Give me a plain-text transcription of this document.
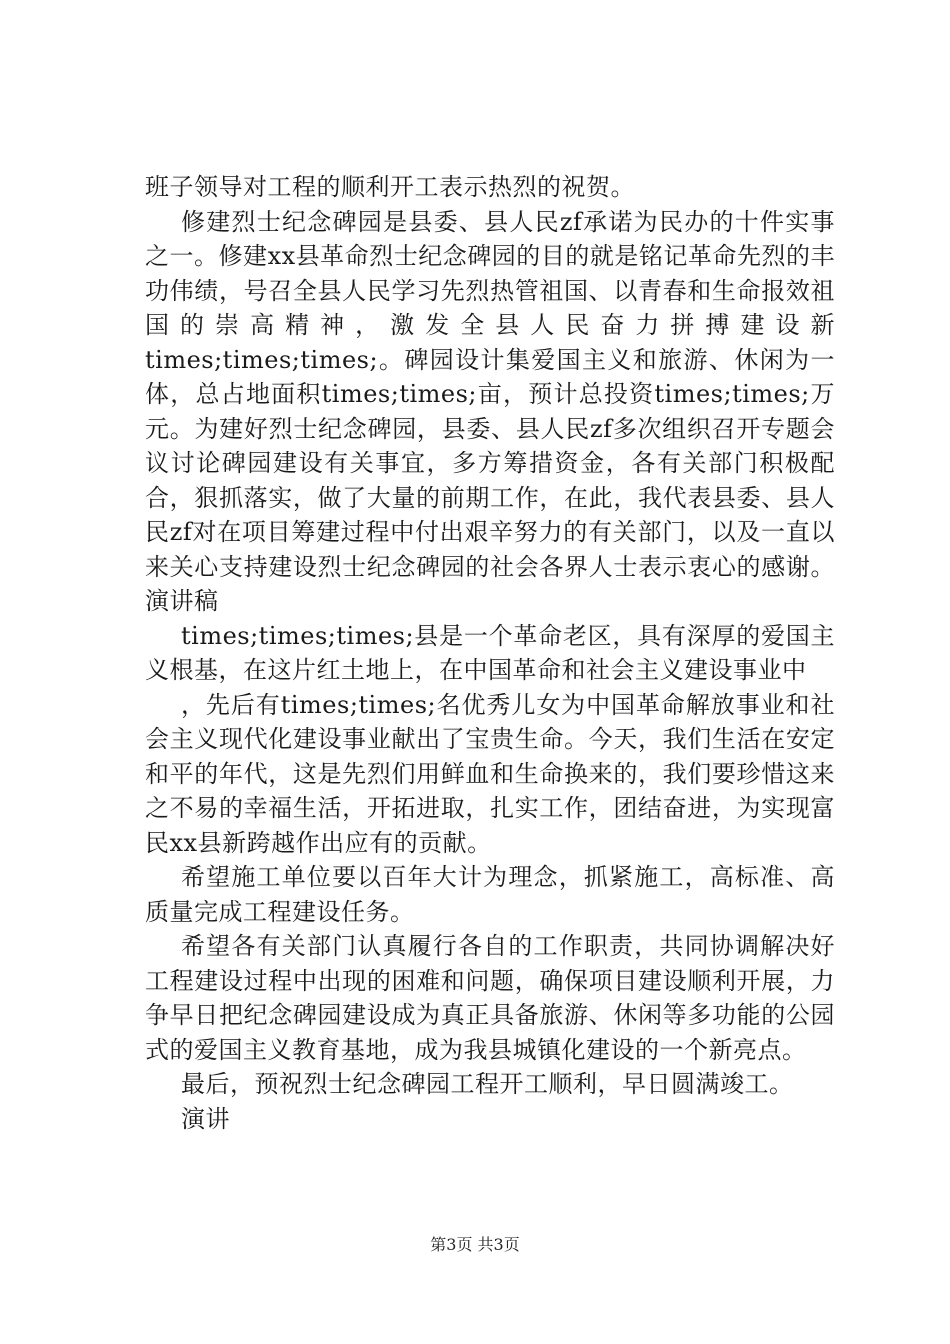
班子领导对工程的顺利开工表示热烈的祝贺。

修建烈士纪念碑园是县委、县人民zf承诺为民办的十件实事之一。修建xx县革命烈士纪念碑园的目的就是铭记革命先烈的丰功伟绩，号召全县人民学习先烈热管祖国、以青春和生命报效祖国的崇高精神，激发全县人民奋力拼搏建设新times;times;times;。碑园设计集爱国主义和旅游、休闲为一体，总占地面积times;times;亩，预计总投资times;times;万元。为建好烈士纪念碑园，县委、县人民zf多次组织召开专题会议讨论碑园建设有关事宜，多方筹措资金，各有关部门积极配合，狠抓落实，做了大量的前期工作，在此，我代表县委、县人民zf对在项目筹建过程中付出艰辛努力的有关部门，以及一直以来关心支持建设烈士纪念碑园的社会各界人士表示衷心的感谢。演讲稿

times;times;times;县是一个革命老区，具有深厚的爱国主义根基，在这片红土地上，在中国革命和社会主义建设事业中

，先后有times;times;名优秀儿女为中国革命解放事业和社会主义现代化建设事业献出了宝贵生命。今天，我们生活在安定和平的年代，这是先烈们用鲜血和生命换来的，我们要珍惜这来之不易的幸福生活，开拓进取，扎实工作，团结奋进，为实现富民xx县新跨越作出应有的贡献。

希望施工单位要以百年大计为理念，抓紧施工，高标准、高质量完成工程建设任务。

希望各有关部门认真履行各自的工作职责，共同协调解决好工程建设过程中出现的困难和问题，确保项目建设顺利开展，力争早日把纪念碑园建设成为真正具备旅游、休闲等多功能的公园式的爱国主义教育基地，成为我县城镇化建设的一个新亮点。

最后，预祝烈士纪念碑园工程开工顺利，早日圆满竣工。

演讲

第3页 共3页
